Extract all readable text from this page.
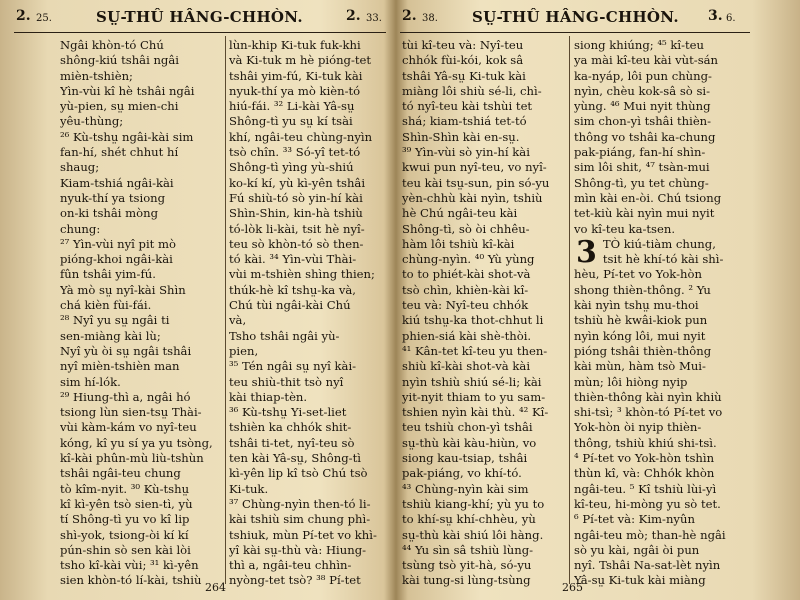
2. 25.	SṲ-THÛ HÂNG-CHHÒN.	2. 33.
Ngâi khòn-tó Chú
shông-kiú tshâi ngâi
mièn-tshièn;
Yìn-vùi kî hè tshâi ngâi
yù-pien, sṳ mien-chi
yêu-thùng;
²⁶ Kù-tshṳ ngâi-kài sim
fan-hí, shét chhut hí
shaug;
Kiam-tshiá ngâi-kài
nyuk-thí ya tsiong
on-ki tshâi mòng
chung:
²⁷ Yìn-vùi nyî pit mò
pióng-khoi ngâi-kài
fûn tshâi yim-fú.
Yà mò sṳ nyî-kài Shìn
chá kièn fùi-fái.
²⁸ Nyî yu sṳ ngâi ti
sen-miàng kài lù;
Nyî yù òi sṳ ngâi tshâi
nyî mièn-tshièn man
sim hí-lók.
²⁹ Hiung-thì a, ngâi hó
tsiong lùn sien-tsṳ Thài-
vùi kàm-kám vo nyî-teu
kóng, kî yu sí ya yu tsòng,
kî-kài phûn-mù liù-tshùn
tshâi ngâi-teu chung
tò kîm-nyit. ³⁰ Kù-tshṳ
kî kì-yên tsò sien-tì, yù
tí Shông-tì yu vo kî lip
shì-yok, tsiong-òi kí kí
pún-shin sò sen kài lòi
tsho kî-kài vùi; ³¹ kì-yên
sien khòn-tó lí-kài, tshiù
lùn-khip Ki-tuk fuk-khi
và Ki-tuk m hè pióng-tet
tshâi yim-fú, Ki-tuk kài
nyuk-thí ya mò kièn-tó
hiú-fái. ³² Li-kài Yâ-sṳ
Shông-tì yu sṳ kí tsài
khí, ngâi-teu chùng-nyìn
tsò chîn. ³³ Só-yî tet-tó
Shông-tì yìng yù-shiú
ko-kí kí, yù kì-yên tshâi
Fú shiù-tó sò yin-hí kài
Shìn-Shin, kin-hà tshiù
tó-lòk li-kài, tsit hè nyî-
teu sò khòn-tó sò then-
tó kài. ³⁴ Yìn-vùi Thài-
vùi m-tshièn shìng thien;
thúk-hè kî tshṳ-ka và,
Chú tùi ngâi-kài Chú
và,
Tsho tshâi ngâi yù-
pien,
³⁵ Tén ngâi sṳ nyî kài-
teu shiù-thit tsò nyî
kài thiap-tèn.
³⁶ Kù-tshṳ Yi-set-liet
tshièn ka chhók shit-
tshâi ti-tet, nyî-teu sò
ten kài Yâ-sṳ, Shông-tì
kì-yên lip kî tsò Chú tsò
Ki-tuk.
³⁷ Chùng-nyìn then-tó li-
kài tshiù sim chung phì-
tshiuk, mùn Pí-tet vo khì-
yî kài sṳ-thù và: Hiung-
thì a, ngâi-teu chhìn-
nyòng-tet tsò? ³⁸ Pí-tet
264
2. 38. SṲ-THÛ HÂNG-CHHÒN. 3. 6.
tùi kî-teu và: Nyî-teu
chhók fùi-kói, kok sâ
tshâi Yâ-sṳ Ki-tuk kài
miàng lôi shiù sé-li, chì-
tó nyî-teu kài tshùi tet
shá; kiam-tshiá tet-tó
Shìn-Shìn kài en-sṳ.
³⁹ Yìn-vùi sò yin-hí kài
kwui pun nyî-teu, vo nyî-
teu kài tsṳ-sun, pin só-yu
yèn-chhù kài nyìn, tshiù
hè Chú ngâi-teu kài
Shông-tì, sò òi chhêu-
hàm lôi tshiù kî-kài
chùng-nyìn. ⁴⁰ Yù yùng
to to phiét-kài shot-và
tsò chìn, khièn-kài kî-
teu và: Nyî-teu chhók
kiú tshṳ-ka thot-chhut li
phien-siá kài shè-thòi.
⁴¹ Kân-tet kî-teu yu then-
shiù kî-kài shot-và kài
nyìn tshiù shiú sé-li; kài
yit-nyit thiam to yu sam-
tshien nyìn kài thù. ⁴² Kî-
teu tshiù chon-yì tshâi
sṳ-thù kài kàu-hiùn, vo
siong kau-tsiap, tshâi
pak-piáng, vo khí-tó.
⁴³ Chùng-nyìn kài sim
tshiù kiang-khí; yù yu to
to khí-sṳ khí-chhèu, yù
sṳ-thù kài shiú lôi hàng.
⁴⁴ Yu sìn sâ tshiù lùng-
tsùng tsò yit-hà, só-yu
kài tung-si lùng-tsùng
siong khiúng; ⁴⁵ kî-teu
ya mài kî-teu kài vùt-sán
ka-nyáp, lôi pun chùng-
nyìn, chèu kok-sâ sò si-
yùng. ⁴⁶ Mui nyit thùng
sim chon-yì tshâi thièn-
thông vo tshâi ka-chung
pak-piáng, fan-hí shìn-
sim lôi shit, ⁴⁷ tsàn-mui
Shông-tì, yu tet chùng-
mìn kài en-òi. Chú tsiong
tet-kiù kài nyìn mui nyit
vo kî-teu ka-tsen.
3 TÒ kiú-tiàm chung,
tsit hè khí-tó kài shì-
hèu, Pí-tet vo Yok-hòn
shong thièn-thông. ² Yu
kài nyìn tshṳ mu-thoi
tshiù hè kwâi-kiok pun
nyìn kóng lôi, mui nyit
pióng tshâi thièn-thông
kài mùn, hàm tsò Mui-
mùn; lôi hiòng nyip
thièn-thông kài nyìn khiù
shi-tsì; ³ khòn-tó Pí-tet vo
Yok-hòn òi nyip thièn-
thông, tshiù khiú shi-tsì.
⁴ Pí-tet vo Yok-hòn tshìn
thùn kî, và: Chhók khòn
ngâi-teu. ⁵ Kî tshiù lùi-yì
kî-teu, hi-mòng yu sò tet.
⁶ Pí-tet và: Kim-nyûn
ngâi-teu mò; than-hè ngâi
sò yu kài, ngâi òi pun
nyî. Tshâi Na-sat-lèt nyìn
Yâ-sṳ Ki-tuk kài miàng
265
